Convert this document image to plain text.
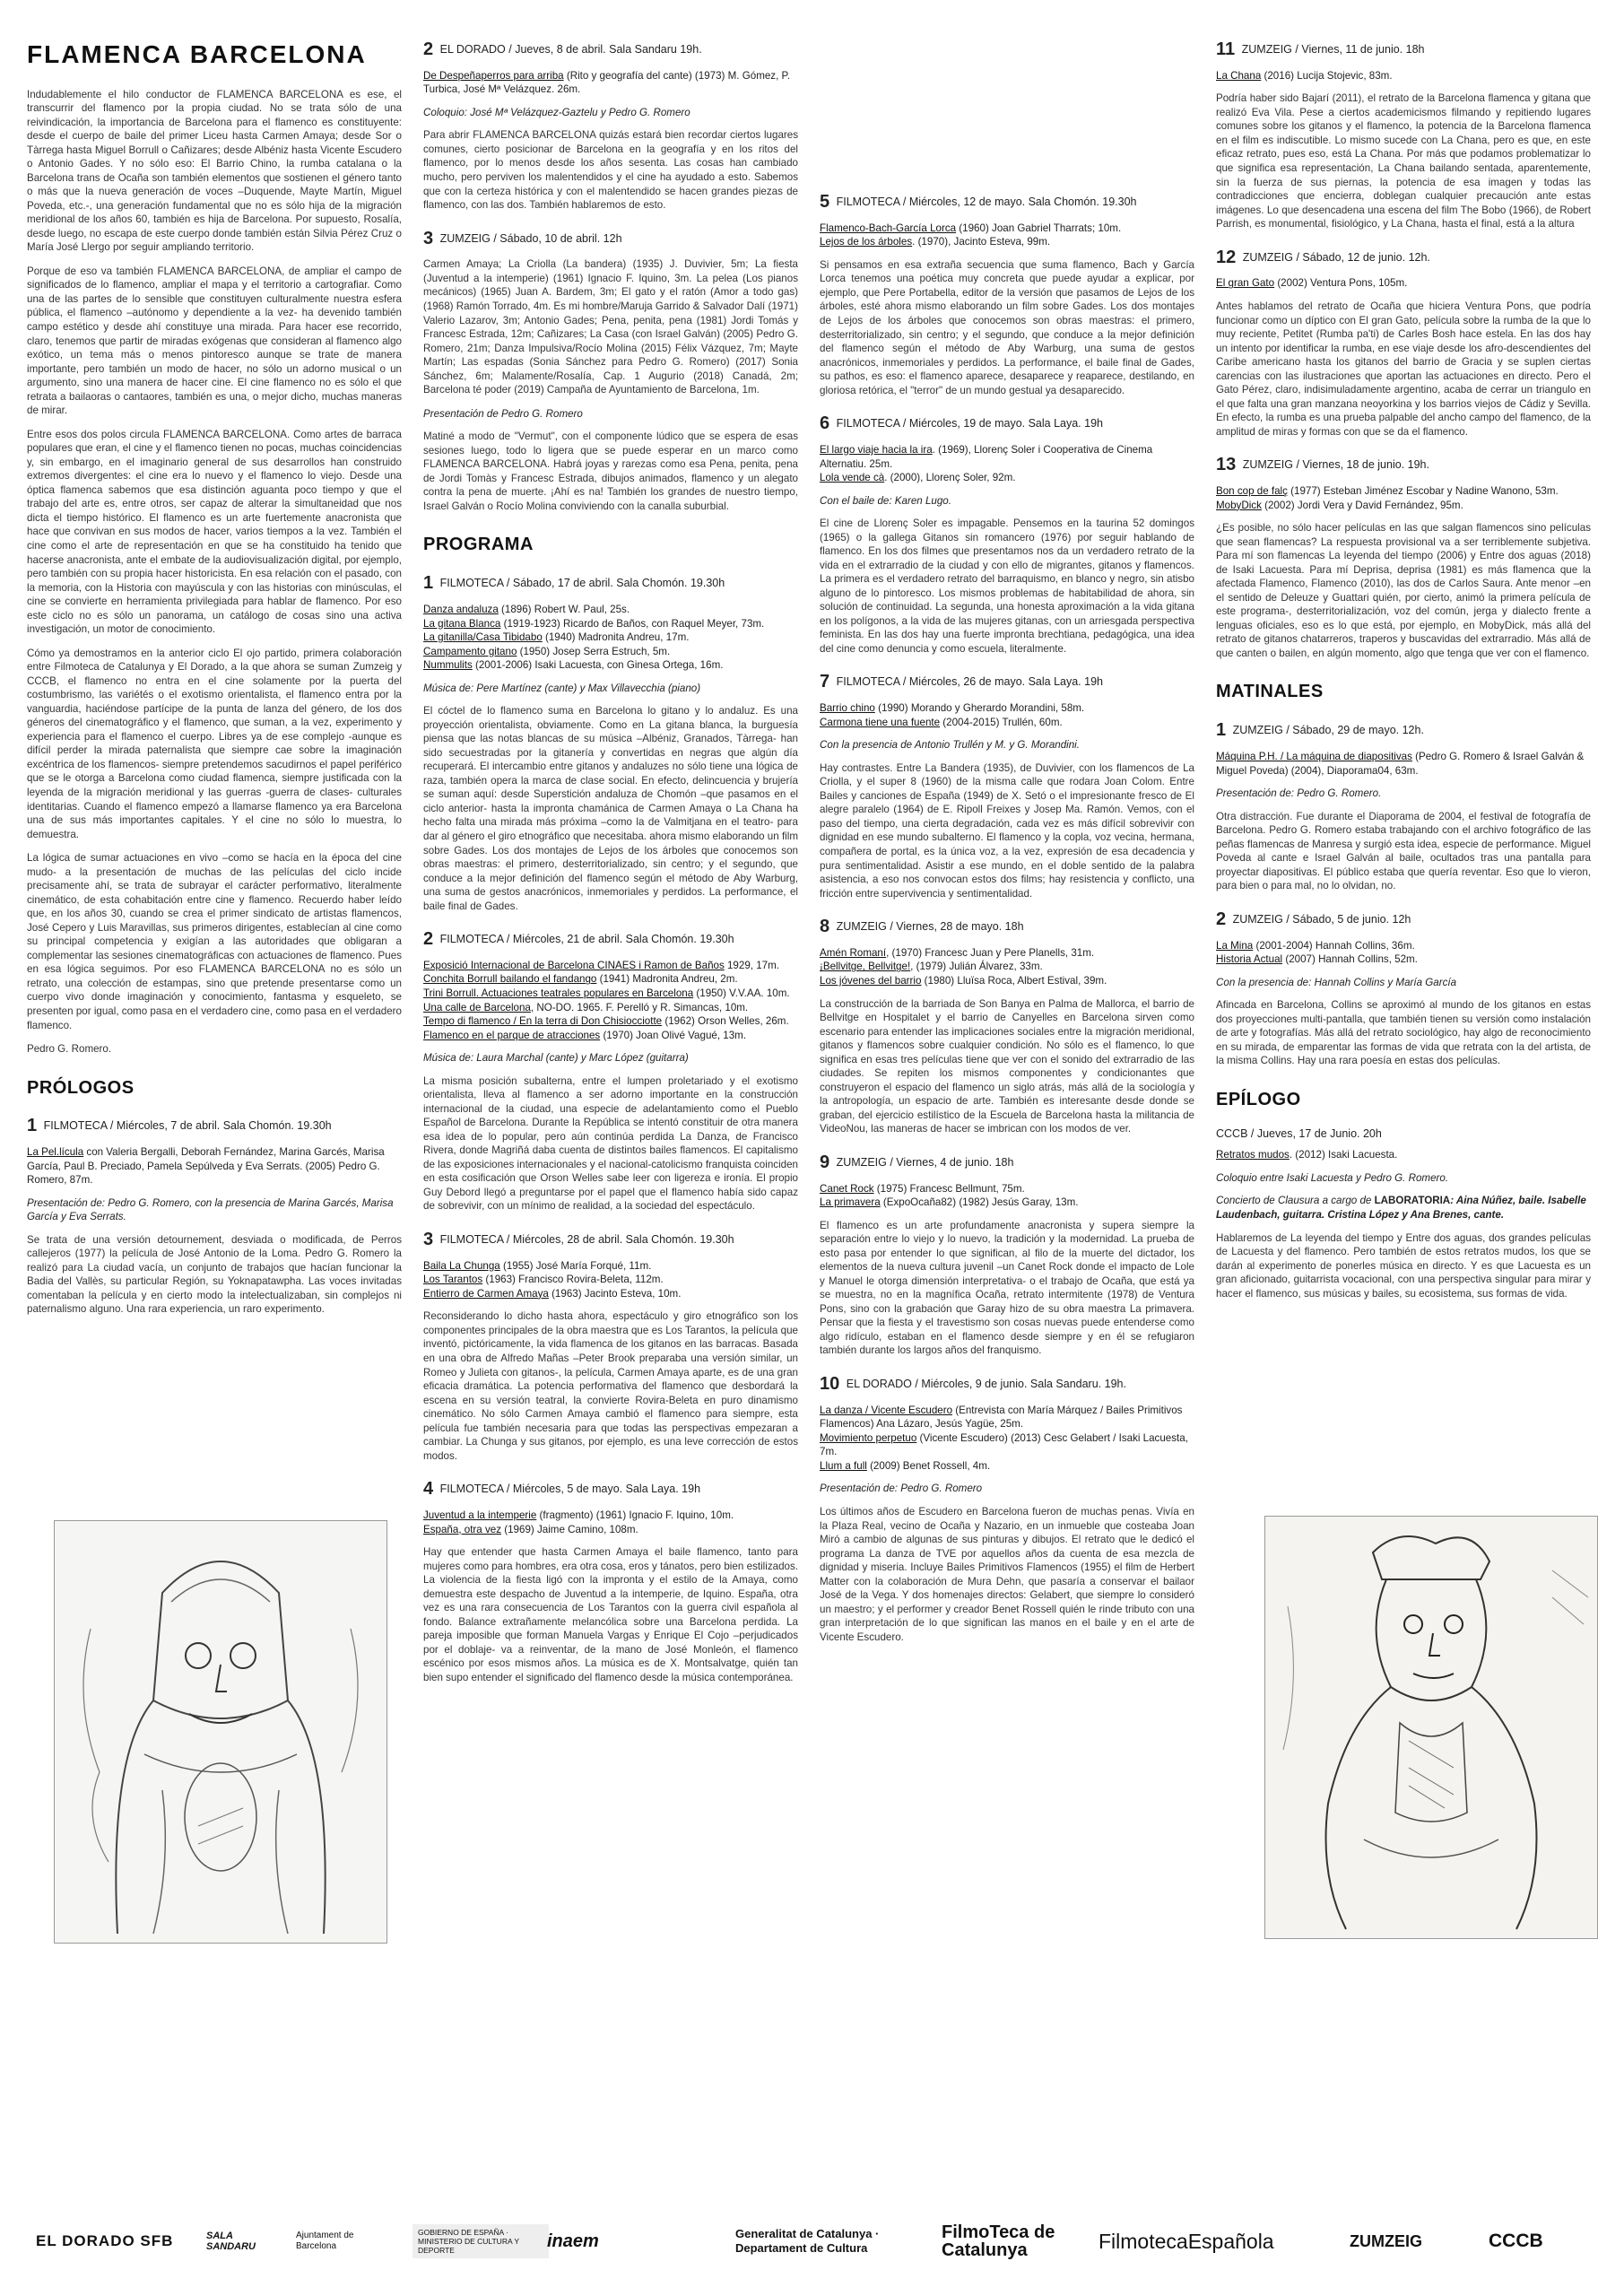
FLAMENCA BARCELONA

Indudablemente el hilo conductor de FLAMENCA BARCELONA es ese, el transcurrir del flamenco por la propia ciudad. No se trata sólo de una reivindicación, la importancia de Barcelona para el flamenco es constituyente: desde el cuerpo de baile del primer Liceu hasta Carmen Amaya; desde Sor o Tàrrega hasta Miguel Borrull o Cañizares; desde Albéniz hasta Vicente Escudero o Antonio Gades. Y no sólo eso: El Barrio Chino, la rumba catalana o la Barcelona trans de Ocaña son también elementos que sostienen el género tanto o más que la nueva generación de voces –Duquende, Mayte Martín, Miguel Poveda, etc.-, una generación fundamental que no es sólo hija de la migración meridional de los años 60, también es hija de Barcelona. Por supuesto, Rosalía, desde luego, no escapa de este cuerpo donde también están Silvia Pérez Cruz o María José Llergo por seguir ampliando territorio.

Porque de eso va también FLAMENCA BARCELONA, de ampliar el campo de significados de lo flamenco, ampliar el mapa y el territorio a cartografiar. Como una de las partes de lo sensible que constituyen culturalmente nuestra esfera pública, el flamenco –autónomo y dependiente a la vez- ha devenido también campo estético y desde ahí constituye una mirada. Para hacer ese recorrido, claro, tenemos que partir de miradas exógenas que consideran al flamenco algo exótico, un tema más o menos pintoresco aunque se trate de manera importante, pero también un modo de hacer, no sólo un adorno musical o un argumento, sino una manera de hacer cine. El cine flamenco no es sólo el que retrata a bailaoras o cantaores, también es una, o mejor dicho, muchas maneras de mirar.

Entre esos dos polos circula FLAMENCA BARCELONA. Como artes de barraca populares que eran, el cine y el flamenco tienen no pocas, muchas coincidencias y, sin embargo, en el imaginario general de sus desarrollos han construido extremos divergentes: el cine era lo nuevo y el flamenco lo viejo. Desde una óptica flamenca sabemos que esa distinción aguanta poco tiempo y que el trabajo del arte es, entre otros, ser capaz de alterar la simultaneidad que nos dicta el tiempo histórico. El flamenco es un arte fuertemente anacronista que hace que convivan en sus modos de hacer, varios tiempos a la vez. También el cine como el arte de representación en que se ha constituido ha tenido que hacerse anacronista, ante el embate de la audiovisualización digital, por ejemplo, pero también con su propia hacer historicista. En esa relación con el pasado, con la memoria, con la Historia con mayúscula y con las historias con minúsculas, el cine se convierte en herramienta privilegiada para hablar de flamenco. Por eso este ciclo no es sólo un panorama, un catálogo de cosas sino una activa investigación, un motor de conocimiento.

Cómo ya demostramos en la anterior ciclo El ojo partido, primera colaboración entre Filmoteca de Catalunya y El Dorado, a la que ahora se suman Zumzeig y CCCB, el flamenco no entra en el cine solamente por la puerta del costumbrismo, las variétés o el exotismo orientalista, el flamenco entra por la vanguardia, haciéndose partícipe de la punta de lanza del género, de los dos géneros del cinematográfico y el flamenco, que suman, a la vez, experimento y experiencia para el flamenco el cuerpo. Libres ya de ese complejo -aunque es difícil perder la mirada paternalista que siempre cae sobre la imaginación excéntrica de los flamencos- siempre pretendemos sacudirnos el papel periférico que se le otorga a Barcelona como ciudad flamenca, siempre justificada con la leyenda de la migración meridional y las guerras -guerra de clases- culturales identitarias. Cuando el flamenco empezó a llamarse flamenco ya era Barcelona una de sus más importantes capitales. Y el cine no sólo lo muestra, lo demuestra.

La lógica de sumar actuaciones en vivo –como se hacía en la época del cine mudo- a la presentación de muchas de las películas del ciclo incide precisamente ahí, se trata de subrayar el carácter performativo, literalmente cinemático, de esta cohabitación entre cine y flamenco. Recuerdo haber leído que, en los años 30, cuando se crea el primer sindicato de artistas flamencos, José Cepero y Luis Maravillas, sus primeros dirigentes, establecían al cine como su principal competencia y exigían a las autoridades que obligaran a complementar las sesiones cinematográficas con actuaciones de flamenco. Pues en esa lógica seguimos. Por eso FLAMENCA BARCELONA no es sólo un retrato, una colección de estampas, sino que pretende presentarse como un cuerpo vivo donde imaginación y conocimiento, fantasma y esqueleto, se presenten por igual, como pasa en el verdadero cine, como pasa en el verdadero flamenco.

Pedro G. Romero.

PRÓLOGOS
1 FILMOTECA / Miércoles, 7 de abril. Sala Chomón. 19.30h
La Pel.lícula con Valeria Bergalli, Deborah Fernández, Marina Garcés, Marisa García, Paul B. Preciado, Pamela Sepúlveda y Eva Serrats. (2005) Pedro G. Romero, 87m.
Presentación de: Pedro G. Romero, con la presencia de Marina Garcés, Marisa García y Eva Serrats.

Se trata de una versión detournement, desviada o modificada, de Perros callejeros (1977) la película de José Antonio de la Loma. Pedro G. Romero la realizó para La ciudad vacía, un conjunto de trabajos que hacían funcionar la Badia del Vallès, su particular Región, su Yoknapatawpha. Las voces invitadas comentaban la película y en cierto modo la intelectualizaban, sin complejos ni paternalismo alguno. Una rara experiencia, un raro experimento.

2 EL DORADO / Jueves, 8 de abril. Sala Sandaru 19h.
De Despeñaperros para arriba (Rito y geografía del cante) (1973) M. Gómez, P. Turbica, José Mª Velázquez. 26m.
Coloquio: José Mª Velázquez-Gaztelu y Pedro G. Romero

Para abrir FLAMENCA BARCELONA quizás estará bien recordar ciertos lugares comunes, cierto posicionar de Barcelona en la geografía y en los ritos del flamenco, por lo menos desde los años sesenta. Las cosas han cambiado mucho, pero perviven los malentendidos y el cine ha ayudado a esto. Sabemos que con la certeza histórica y con el malentendido se hacen grandes piezas de flamenco, con las dos. También hablaremos de esto.

3 ZUMZEIG / Sábado, 10 de abril. 12h

Carmen Amaya; La Criolla (La bandera) (1935) J. Duvivier, 5m; La fiesta (Juventud a la intemperie) (1961) Ignacio F. Iquino, 3m. La pelea (Los pianos mecánicos) (1965) Juan A. Bardem, 3m; El gato y el ratón (Amor a todo gas) (1968) Ramón Torrado, 4m. Es mi hombre/Maruja Garrido & Salvador Dalí (1971) Valerio Lazarov, 3m; Antonio Gades; Pena, penita, pena (1981) Jordi Tomás y Francesc Estrada, 12m; Cañizares; La Casa (con Israel Galván) (2005) Pedro G. Romero, 21m; Danza Impulsiva/Rocío Molina (2015) Félix Vázquez, 7m; Mayte Martín; Las espadas (Sonia Sánchez para Pedro G. Romero) (2017) Sonia Sánchez, 6m; Malamente/Rosalía, Cap. 1 Augurio (2018) Canadá, 2m; Barcelona té poder (2019) Campaña de Ayuntamiento de Barcelona, 1m.

Presentación de Pedro G. Romero

Matiné a modo de "Vermut", con el componente lúdico que se espera de esas sesiones luego, todo lo ligera que se puede esperar en un marco como FLAMENCA BARCELONA. Habrá joyas y rarezas como esa Pena, penita, pena de Jordi Tomàs y Francesc Estrada, dibujos animados, flamenco y un alegato contra la pena de muerte. ¡Ahí es na! También los grandes de nuestro tiempo, Israel Galván o Rocío Molina conviviendo con la canalla suburbial.

PROGRAMA
1 FILMOTECA / Sábado, 17 de abril. Sala Chomón. 19.30h
Danza andaluza (1896) Robert W. Paul, 25s.
La gitana Blanca (1919-1923) Ricardo de Baños, con Raquel Meyer, 73m.
La gitanilla/Casa Tibidabo (1940) Madronita Andreu, 17m.
Campamento gitano (1950) Josep Serra Estruch, 5m.
Nummulits (2001-2006) Isaki Lacuesta, con Ginesa Ortega, 16m.
Música de: Pere Martínez (cante) y Max Villavecchia (piano)

El cóctel de lo flamenco suma en Barcelona lo gitano y lo andaluz. Es una proyección orientalista, obviamente. Como en La gitana blanca, la burguesía piensa que las notas blancas de su música –Albéniz, Granados, Tàrrega- han sido secuestradas por la gitanería y convertidas en negras que algún día recuperará. El intercambio entre gitanos y andaluzes no sólo tiene una lógica de raza, también opera la marca de clase social. En efecto, delincuencia y brujería se suman aquí: desde Superstición andaluza de Chomón –que pasamos en el ciclo anterior- hasta la impronta chamánica de Carmen Amaya o La Chana ha hecho falta una mirada más próxima –como la de Valmitjana en el teatro- para dar al género el giro etnográfico que necesitaba. ahora mismo elaborando un film sobre Gades. Los dos montajes de Lejos de los árboles que conocemos son obras maestras: el primero, desterritorializado, sin centro; y el segundo, que conduce a la mejor definición del flamenco según el método de Aby Warburg, una suma de gestos anacrónicos, inmemoriales y perdidos. La performance, el baile final de Gades.

2 FILMOTECA / Miércoles, 21 de abril. Sala Chomón. 19.30h
Exposició Internacional de Barcelona CINAES i Ramon de Baños 1929, 17m.
Conchita Borrull bailando el fandango (1941) Madronita Andreu, 2m.
Trini Borrull. Actuaciones teatrales populares en Barcelona (1950) V.V.AA. 10m.
Una calle de Barcelona, NO-DO. 1965. F. Perelló y R. Simancas, 10m.
Tempo di flamenco / En la terra di Don Chisiocciotte (1962) Orson Welles, 26m.
Flamenco en el parque de atracciones (1970) Joan Olivé Vagué, 13m.
Música de: Laura Marchal (cante) y Marc López (guitarra)

La misma posición subalterna, entre el lumpen proletariado y el exotismo orientalista, lleva al flamenco a ser adorno importante en la construcción internacional de la ciudad, una especie de adelantamiento como el Pueblo Español de Barcelona. Durante la República se intentó constituir de otra manera esa idea de lo popular, pero aún continúa perdida La Danza, de Francisco Rivera, donde Magriñá daba cuenta de distintos bailes flamencos. El capitalismo de las exposiciones internacionales y el nacional-catolicismo franquista coinciden en esta cosificación que Orson Welles sabe leer con ligereza e ironía. El propio Guy Debord llegó a preguntarse por el papel que el flamenco había sido capaz de sobrevivir, con un mínimo de realidad, a la sociedad del espectáculo.

3 FILMOTECA / Miércoles, 28 de abril. Sala Chomón. 19.30h
Baila La Chunga (1955) José María Forqué, 11m.
Los Tarantos (1963) Francisco Rovira-Beleta, 112m.
Entierro de Carmen Amaya (1963) Jacinto Esteva, 10m.

Reconsiderando lo dicho hasta ahora, espectáculo y giro etnográfico son los componentes principales de la obra maestra que es Los Tarantos, la película que inventó, pictóricamente, la vida flamenca de los gitanos en las barracas. Basada en una obra de Alfredo Mañas –Peter Brook preparaba una versión similar, un Romeo y Julieta con gitanos-, la película, Carmen Amaya aparte, es de una gran eficacia dramática. La potencia performativa del flamenco que desbordará la escena en su versión teatral, la convierte Rovira-Beleta en puro dinamismo cinemático. No sólo Carmen Amaya cambió el flamenco para siempre, esta película fue también necesaria para que todas las perspectivas empezaran a cambiar. La Chunga y sus gitanos, por ejemplo, es una leve corrección de estos modos.

4 FILMOTECA / Miércoles, 5 de mayo. Sala Laya. 19h
Juventud a la intemperie (fragmento) (1961) Ignacio F. Iquino, 10m.
España, otra vez (1969) Jaime Camino, 108m.

Hay que entender que hasta Carmen Amaya el baile flamenco, tanto para mujeres como para hombres, era otra cosa, eros y tánatos, pero bien estilizados. La violencia de la fiesta ligó con la impronta y el estilo de la Amaya, como demuestra este despacho de Juventud a la intemperie, de Iquino. España, otra vez es una rara consecuencia de Los Tarantos con la guerra civil española al fondo. Balance extrañamente melancólica sobre una Barcelona perdida. La pareja imposible que forman Manuela Vargas y Enrique El Cojo –perjudicados por el doblaje- va a reinventar, de la mano de José Monleón, el flamenco escénico por esos mismos años. La música es de X. Montsalvatge, quién tan bien supo entender el significado del flamenco desde la música contemporánea.

5 FILMOTECA / Miércoles, 12 de mayo. Sala Chomón. 19.30h
Flamenco-Bach-García Lorca (1960) Joan Gabriel Tharrats; 10m.
Lejos de los árboles. (1970), Jacinto Esteva, 99m.

Si pensamos en esa extraña secuencia que suma flamenco, Bach y García Lorca tenemos una poética muy concreta que puede ayudar a explicar, por ejemplo, que Pere Portabella, editor de la versión que pasamos de Lejos de los árboles, esté ahora mismo elaborando un film sobre Gades. Los dos montajes de Lejos de los árboles que conocemos son obras maestras: el primero, desterritorializado, sin centro; y el segundo, que conduce a la mejor definición del flamenco según el método de Aby Warburg, una suma de gestos anacrónicos, inmemoriales y perdidos. La performance, el baile final de Gades, su pathos, es eso: el flamenco aparece, desaparece y reaparece, destilando, en gloriosa retórica, el "terror" de un mundo gestual ya desaparecido.

6 FILMOTECA / Miércoles, 19 de mayo. Sala Laya. 19h
El largo viaje hacia la ira. (1969), Llorenç Soler i Cooperativa de Cinema Alternatiu. 25m.
Lola vende cà. (2000), Llorenç Soler, 92m.
Con el baile de: Karen Lugo.

El cine de Llorenç Soler es impagable. Pensemos en la taurina 52 domingos (1965) o la gallega Gitanos sin romancero (1976) por seguir hablando de flamenco. En los dos filmes que presentamos nos da un verdadero retrato de la vida en el extrarradio de la ciudad y con ello de migrantes, gitanos y flamencos. La primera es el verdadero retrato del barraquismo, en blanco y negro, sin atisbo alguno de lo pintoresco. Los mismos problemas de habitabilidad de ahora, sin solución de continuidad. La segunda, una honesta aproximación a la vida gitana en los polígonos, a la vida de las mujeres gitanas, con un arriesgada perspectiva feminista. En las dos hay una fuerte impronta brechtiana, pedagógica, una idea del cine como denuncia y como escuela, literalmente.

7 FILMOTECA / Miércoles, 26 de mayo. Sala Laya. 19h
Barrio chino (1990) Morando y Gherardo Morandini, 58m.
Carmona tiene una fuente (2004-2015) Trullén, 60m.
Con la presencia de Antonio Trullén y M. y G. Morandini.

Hay contrastes. Entre La Bandera (1935), de Duvivier, con los flamencos de La Criolla, y el super 8 (1960) de la misma calle que rodara Joan Colom. Entre Bailes y canciones de España (1949) de X. Setó o el impresionante fresco de El alegre paralelo (1964) de E. Ripoll Freixes y Josep Ma. Ramón. Vemos, con el paso del tiempo, una cierta degradación, cada vez es más difícil sobrevivir con dignidad en ese mundo subalterno. El flamenco y la copla, voz vecina, hermana, compañera de portal, es la única voz, a la vez, expresión de esa decadencia y pura sentimentalidad. Asistir a ese mundo, en el doble sentido de la palabra asistencia, a eso nos convocan estos dos films; hay resistencia y conflicto, una fricción entre supervivencia y sentimentalidad.

8 ZUMZEIG / Viernes, 28 de mayo. 18h
Amén Romaní, (1970) Francesc Juan y Pere Planells, 31m.
¡Bellvitge, Bellvitge!, (1979) Julián Álvarez, 33m.
Los jóvenes del barrio (1980) Lluïsa Roca, Albert Estival, 39m.

La construcción de la barriada de Son Banya en Palma de Mallorca, el barrio de Bellvitge en Hospitalet y el barrio de Canyelles en Barcelona sirven como escenario para entender las implicaciones sociales entre la migración meridional, gitanos y flamencos sobre cualquier condición. No sólo es el flamenco, lo que significa en esas tres películas tiene que ver con el sonido del extrarradio de las ciudades. Se repiten los mismos componentes y condicionantes que construyeron el espacio del flamenco un siglo atrás, más allá de la sociología y la antropología, un espacio de arte. También es interesante desde donde se graban, del ejercicio estilístico de la Escuela de Barcelona hasta la militancia de VideoNou, las maneras de hacer se imbrican con los modos de ver.

9 ZUMZEIG / Viernes, 4 de junio. 18h
Canet Rock (1975) Francesc Bellmunt, 75m.
La primavera (ExpoOcaña82) (1982) Jesús Garay, 13m.

El flamenco es un arte profundamente anacronista y supera siempre la separación entre lo viejo y lo nuevo, la tradición y la modernidad. La prueba de esto pasa por entender lo que significan, al filo de la muerte del dictador, los elementos de la nueva cultura juvenil –un Canet Rock donde el impacto de Lole y Manuel le otorga dimensión interpretativa- o el trabajo de Ocaña, que está ya se muestra, no en la magnífica Ocaña, retrato intermitente (1978) de Ventura Pons, sino con la grabación que Garay hizo de su obra maestra La primavera. Pensar que la fiesta y el travestismo son cosas nuevas puede entenderse como algo ridículo, estaban en el flamenco desde siempre y en él se refugiaron también durante los largos años del franquismo.

10 EL DORADO / Miércoles, 9 de junio. Sala Sandaru. 19h.
La danza / Vicente Escudero (Entrevista con María Márquez / Bailes Primitivos Flamencos) Ana Lázaro, Jesús Yagüe, 25m.
Movimiento perpetuo (Vicente Escudero) (2013) Cesc Gelabert / Isaki Lacuesta, 7m.
Llum a full (2009) Benet Rossell, 4m.
Presentación de: Pedro G. Romero

Los últimos años de Escudero en Barcelona fueron de muchas penas. Vivía en la Plaza Real, vecino de Ocaña y Nazario, en un inmueble que costeaba Joan Miró a cambio de algunas de sus pinturas y dibujos. El retrato que le dedicó el programa La danza de TVE por aquellos años da cuenta de esa mezcla de dignidad y miseria. Incluye Bailes Primitivos Flamencos (1955) el film de Herbert Matter con la colaboración de Mura Dehn, que pasaría a conservar el bailaor José de la Vega. Y dos homenajes directos: Gelabert, que siempre lo consideró un maestro; y el performer y creador Benet Rossell quién le rinde tributo con una gran interpretación de lo que significan las manos en el baile y en el arte de Vicente Escudero.

11 ZUMZEIG / Viernes, 11 de junio. 18h
La Chana (2016) Lucija Stojevic, 83m.

Podría haber sido Bajarí (2011), el retrato de la Barcelona flamenca y gitana que realizó Eva Vila. Pese a ciertos academicismos filmando y repitiendo lugares comunes sobre los gitanos y el flamenco, la potencia de la Barcelona flamenca en el film es indiscutible. Lo mismo sucede con La Chana, pero es que, en este eficaz retrato, pues eso, está La Chana. Por más que podamos problematizar lo que significa esa representación, La Chana bailando sentada, aparentemente, sin la fuerza de sus piernas, la potencia de esa imagen y todas las contradicciones que encierra, doblegan cualquier precaución ante estas imágenes. Lo que desencadena una escena del film The Bobo (1966), de Robert Parrish, es monumental, fisiológico, y La Chana, hasta el final, está a la altura

12 ZUMZEIG / Sábado, 12 de junio. 12h.
El gran Gato (2002) Ventura Pons, 105m.

Antes hablamos del retrato de Ocaña que hiciera Ventura Pons, que podría funcionar como un díptico con El gran Gato, película sobre la rumba de la que lo muy reciente, Petitet (Rumba pa'ti) de Carles Bosh hace estela. En las dos hay un intento por identificar la rumba, en ese viaje desde los afro-descendientes del Caribe americano hasta los gitanos del barrio de Gracia y se suplen ciertas carencias con las ilustraciones que aportan las actuaciones en directo. Pero el Gato Pérez, claro, indisimuladamente argentino, acaba de cerrar un triangulo en el que falta una gran manzana neoyorkina y los barrios viejos de Cádiz y Sevilla. En efecto, la rumba es una prueba palpable del ancho campo del flamenco, de la amplitud de miras y formas con que se da el flamenco.

13 ZUMZEIG / Viernes, 18 de junio. 19h.
Bon cop de falç (1977) Esteban Jiménez Escobar y Nadine Wanono, 53m.
MobyDick (2002) Jordi Vera y David Fernández, 95m.

¿Es posible, no sólo hacer películas en las que salgan flamencos sino películas que sean flamencas? La respuesta provisional va a ser terriblemente subjetiva. Para mí son flamencas La leyenda del tiempo (2006) y Entre dos aguas (2018) de Isaki Lacuesta. Para mí Deprisa, deprisa (1981) es más flamenca que la afectada Flamenco, Flamenco (2010), las dos de Carlos Saura. Ante menor –en el sentido de Deleuze y Guattari quién, por cierto, animó la primera película de este programa-, desterritorialización, voz del común, jerga y dialecto frente a lenguas oficiales, eso es lo que está, por ejemplo, en MobyDick, más allá del retrato de gitanos chatarreros, traperos y buscavidas del extrarradio. Más allá de que canten o bailen, en algún momento, algo que tenga que ver con el flamenco.

MATINALES
1 ZUMZEIG / Sábado, 29 de mayo. 12h.
Máquina P.H. / La máquina de diapositivas (Pedro G. Romero & Israel Galván & Miguel Poveda) (2004), Diaporama04, 63m.
Presentación de: Pedro G. Romero.

Otra distracción. Fue durante el Diaporama de 2004, el festival de fotografía de Barcelona. Pedro G. Romero estaba trabajando con el archivo fotográfico de las peñas flamencas de Manresa y surgió esta idea, especie de performance. Miguel Poveda al cante e Israel Galván al baile, ocultados tras una pantalla para proyectar diapositivas. El público estaba que quería reventar. Eso que lo vieron, para bien o para mal, no lo olvidan, no.

2 ZUMZEIG / Sábado, 5 de junio. 12h
La Mina (2001-2004) Hannah Collins, 36m.
Historia Actual (2007) Hannah Collins, 52m.
Con la presencia de: Hannah Collins y María García

Afincada en Barcelona, Collins se aproximó al mundo de los gitanos en estas dos proyecciones multi-pantalla, que también tienen su versión como instalación de arte y fotografías. Más allá del retrato sociológico, hay algo de reconocimiento en su mirada, de emparentar las formas de vida que retrata con la del artista, de la misma Collins. Hay una rara poesía en estas dos películas.

EPÍLOGO
CCCB / Jueves, 17 de Junio. 20h
Retratos mudos. (2012) Isaki Lacuesta.
Coloquio entre Isaki Lacuesta y Pedro G. Romero.
Concierto de Clausura a cargo de LABORATORIA: Aina Núñez, baile. Isabelle Laudenbach, guitarra. Cristina López y Ana Brenes, cante.

Hablaremos de La leyenda del tiempo y Entre dos aguas, dos grandes películas de Lacuesta y del flamenco. Pero también de estos retratos mudos, los que se darán al experimento de ponerles música en directo. Y es que Lacuesta es un gran aficionado, guitarrista vocacional, con una perspectiva singular para mirar y hacer el flamenco, sus músicas y bailes, su ecosistema, sus formas de vida.

EL DORADO SFB	SALA SANDARU
Ajuntament de Barcelona
GOBIERNO DE ESPAÑA · MINISTERIO DE CULTURA Y DEPORTE	inaem	Generalitat de Catalunya · Departament de Cultura
FilmoTeca de Catalunya	FilmotecaEspañola	ZUMZEIG	CCCB
